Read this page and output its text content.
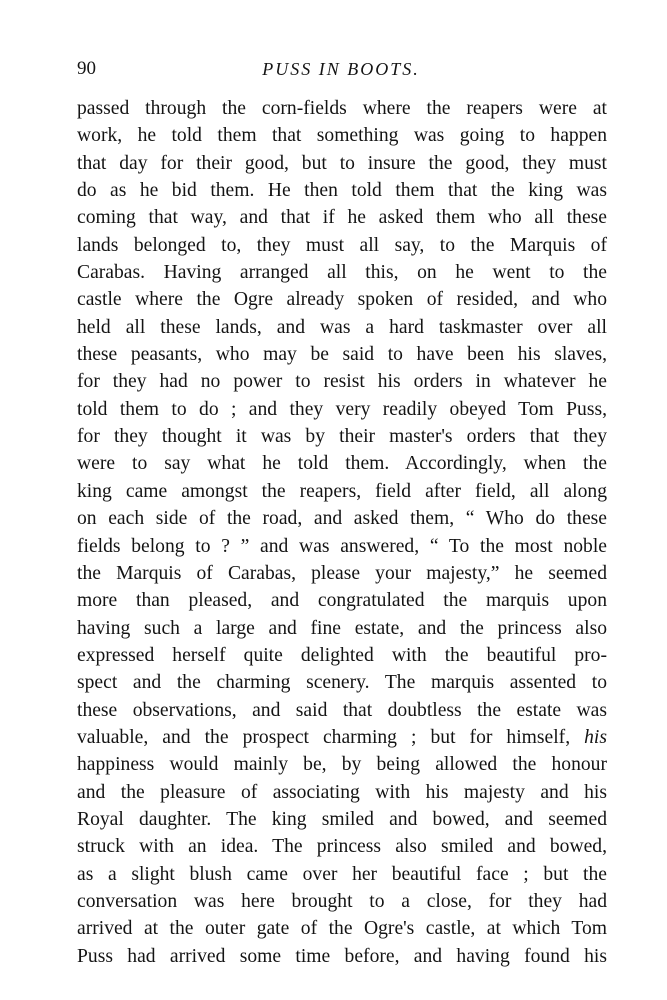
90	PUSS IN BOOTS.
passed through the corn-fields where the reapers were at
work, he told them that something was going to happen
that day for their good, but to insure the good, they must
do as he bid them. He then told them that the king was
coming that way, and that if he asked them who all these
lands belonged to, they must all say, to the Marquis of
Carabas. Having arranged all this, on he went to the
castle where the Ogre already spoken of resided, and who
held all these lands, and was a hard taskmaster over all
these peasants, who may be said to have been his slaves,
for they had no power to resist his orders in whatever he
told them to do ; and they very readily obeyed Tom Puss,
for they thought it was by their master's orders that they
were to say what he told them. Accordingly, when the
king came amongst the reapers, field after field, all along
on each side of the road, and asked them, “ Who do these
fields belong to ? ” and was answered, “ To the most noble
the Marquis of Carabas, please your majesty,” he seemed
more than pleased, and congratulated the marquis upon
having such a large and fine estate, and the princess also
expressed herself quite delighted with the beautiful pro-
spect and the charming scenery. The marquis assented to
these observations, and said that doubtless the estate was
valuable, and the prospect charming ; but for himself, his
happiness would mainly be, by being allowed the honour
and the pleasure of associating with his majesty and his
Royal daughter. The king smiled and bowed, and seemed
struck with an idea. The princess also smiled and bowed,
as a slight blush came over her beautiful face ; but the
conversation was here brought to a close, for they had
arrived at the outer gate of the Ogre's castle, at which Tom
Puss had arrived some time before, and having found his
